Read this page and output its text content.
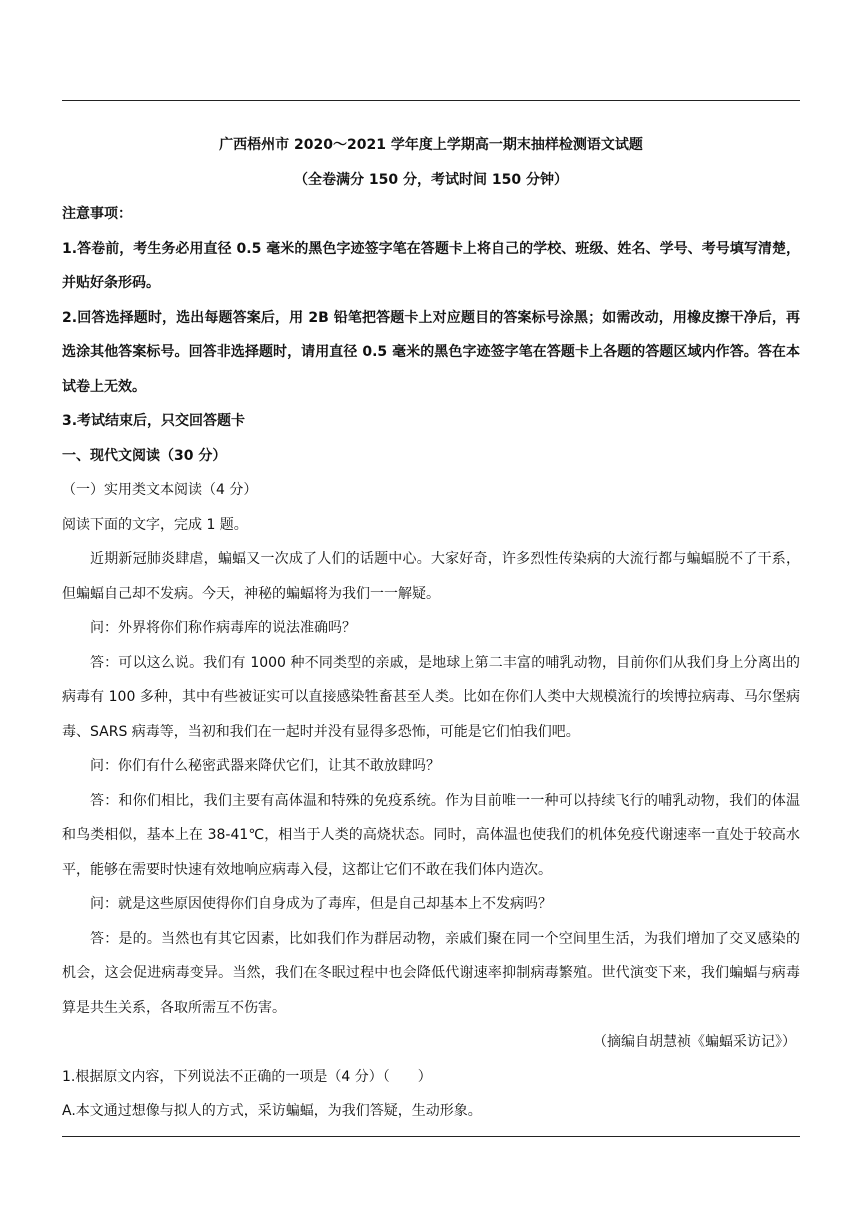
广西梧州市 2020～2021 学年度上学期高一期末抽样检测语文试题

（全卷满分 150 分，考试时间 150 分钟）

注意事项：

1.答卷前，考生务必用直径 0.5 毫米的黑色字迹签字笔在答题卡上将自己的学校、班级、姓名、学号、考号填写清楚，并贴好条形码。

2.回答选择题时，选出每题答案后，用 2B 铅笔把答题卡上对应题目的答案标号涂黑；如需改动，用橡皮擦干净后，再选涂其他答案标号。回答非选择题时，请用直径 0.5 毫米的黑色字迹签字笔在答题卡上各题的答题区域内作答。答在本试卷上无效。

3.考试结束后，只交回答题卡

一、现代文阅读（30 分）

（一）实用类文本阅读（4 分）

阅读下面的文字，完成 1 题。

近期新冠肺炎肆虐，蝙蝠又一次成了人们的话题中心。大家好奇，许多烈性传染病的大流行都与蝙蝠脱不了干系，但蝙蝠自己却不发病。今天，神秘的蝙蝠将为我们一一解疑。

问：外界将你们称作病毒库的说法准确吗？

答：可以这么说。我们有 1000 种不同类型的亲戚，是地球上第二丰富的哺乳动物，目前你们从我们身上分离出的病毒有 100 多种，其中有些被证实可以直接感染牲畜甚至人类。比如在你们人类中大规模流行的埃博拉病毒、马尔堡病毒、SARS 病毒等，当初和我们在一起时并没有显得多恐怖，可能是它们怕我们吧。

问：你们有什么秘密武器来降伏它们，让其不敢放肆吗？

答：和你们相比，我们主要有高体温和特殊的免疫系统。作为目前唯一一种可以持续飞行的哺乳动物，我们的体温和鸟类相似，基本上在 38-41℃，相当于人类的高烧状态。同时，高体温也使我们的机体免疫代谢速率一直处于较高水平，能够在需要时快速有效地响应病毒入侵，这都让它们不敢在我们体内造次。

问：就是这些原因使得你们自身成为了毒库，但是自己却基本上不发病吗？

答：是的。当然也有其它因素，比如我们作为群居动物，亲戚们聚在同一个空间里生活，为我们增加了交叉感染的机会，这会促进病毒变异。当然，我们在冬眠过程中也会降低代谢速率抑制病毒繁殖。世代演变下来，我们蝙蝠与病毒算是共生关系，各取所需互不伤害。

（摘编自胡慧祯《蝙蝠采访记》）

1.根据原文内容，下列说法不正确的一项是（4 分）（　　）

A.本文通过想像与拟人的方式，采访蝙蝠，为我们答疑，生动形象。
